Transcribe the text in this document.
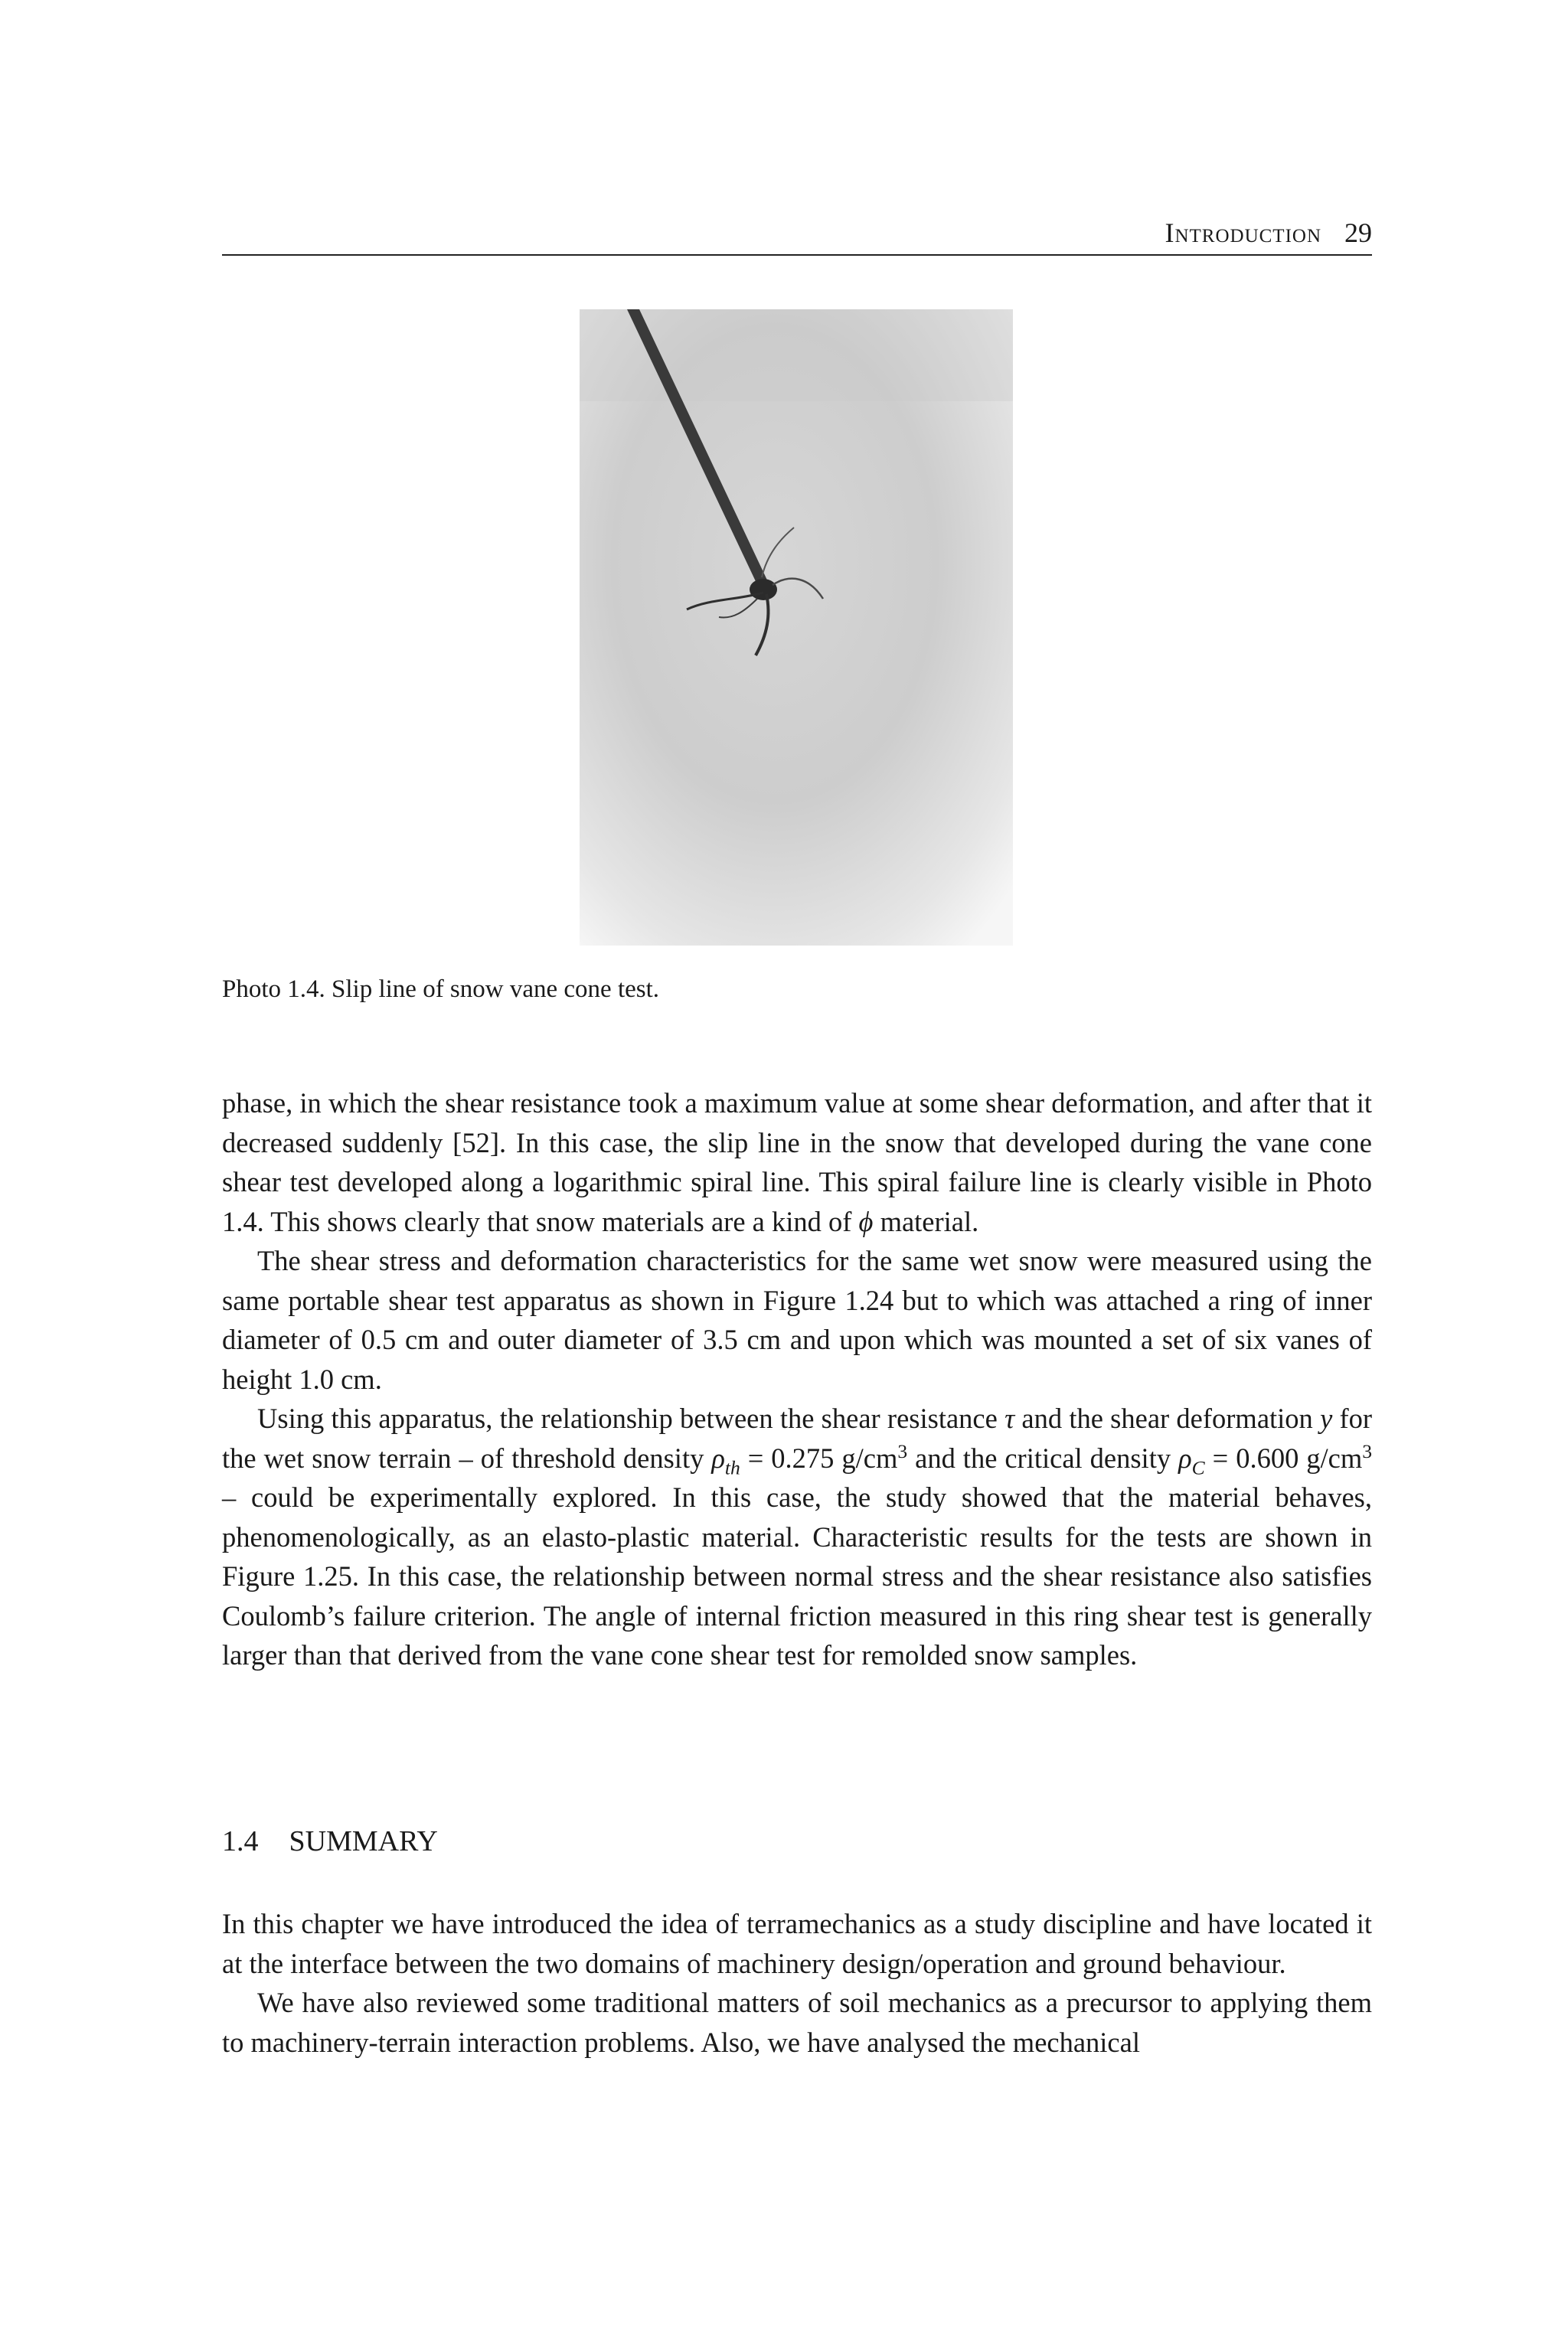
Introduction 29
Photo 1.4. Slip line of snow vane cone test.

phase, in which the shear resistance took a maximum value at some shear deformation, and after that it decreased suddenly [52]. In this case, the slip line in the snow that developed during the vane cone shear test developed along a logarithmic spiral line. This spiral failure line is clearly visible in Photo 1.4. This shows clearly that snow materials are a kind of ϕ material.

The shear stress and deformation characteristics for the same wet snow were measured using the same portable shear test apparatus as shown in Figure 1.24 but to which was attached a ring of inner diameter of 0.5 cm and outer diameter of 3.5 cm and upon which was mounted a set of six vanes of height 1.0 cm.

Using this apparatus, the relationship between the shear resistance τ and the shear deformation y for the wet snow terrain – of threshold density $\rho_{th} = 0.275$ $g/cm^3$ and the critical density $\rho_C = 0.600$ $g/cm^3$ – could be experimentally explored. In this case, the study showed that the material behaves, phenomenologically, as an elasto-plastic material. Characteristic results for the tests are shown in Figure 1.25. In this case, the relationship between normal stress and the shear resistance also satisfies Coulomb’s failure criterion. The angle of internal friction measured in this ring shear test is generally larger than that derived from the vane cone shear test for remolded snow samples.

1.4 SUMMARY

In this chapter we have introduced the idea of terramechanics as a study discipline and have located it at the interface between the two domains of machinery design/operation and ground behaviour.

We have also reviewed some traditional matters of soil mechanics as a precursor to applying them to machinery-terrain interaction problems. Also, we have analysed the mechanical
